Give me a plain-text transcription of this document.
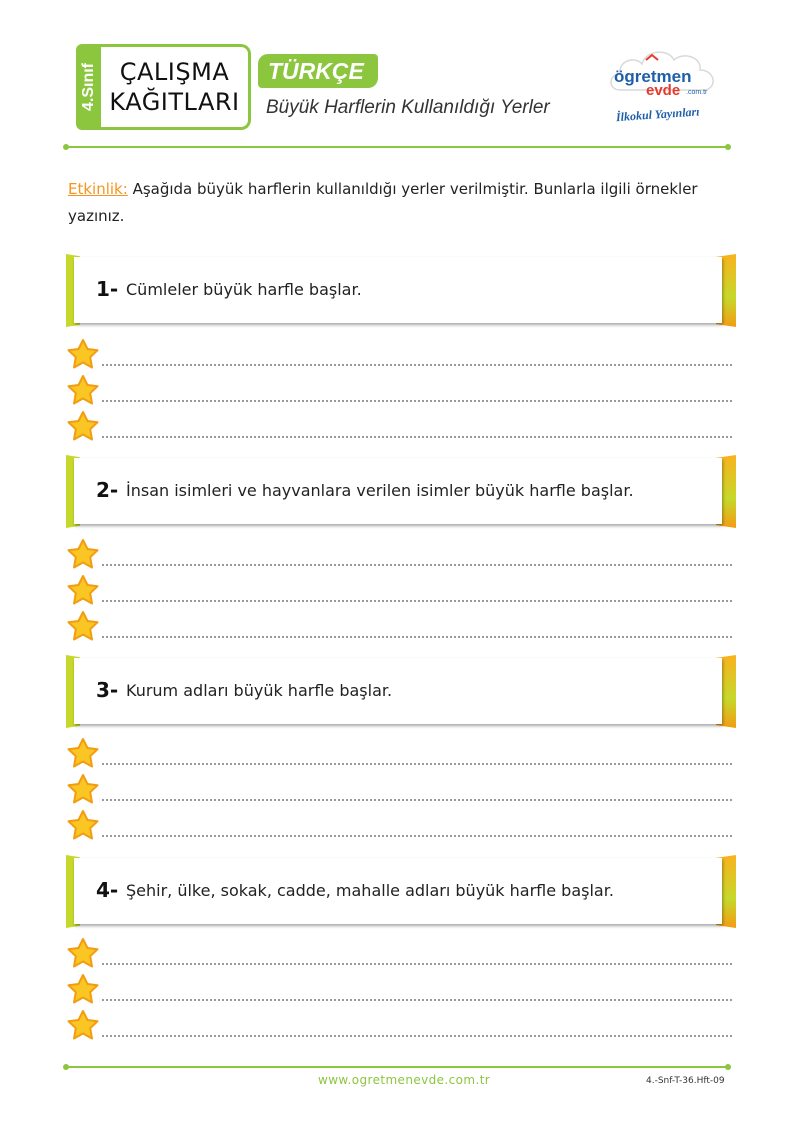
4.Sınıf ÇALIŞMA
KAĞITLARI
TÜRKÇE
Büyük Harflerin Kullanıldığı Yerler
ögretmen
evde .com.tr
İlkokul Yayınları
Etkinlik: Aşağıda büyük harflerin kullanıldığı yerler verilmiştir. Bunlarla ilgili örnekler yazınız.
1- Cümleler büyük harfle başlar.
2- İnsan isimleri ve hayvanlara verilen isimler büyük harfle başlar.
3- Kurum adları büyük harfle başlar.
4- Şehir, ülke, sokak, cadde, mahalle adları büyük harfle başlar.
www.ogretmenevde.com.tr	4.-Snf-T-36.Hft-09
